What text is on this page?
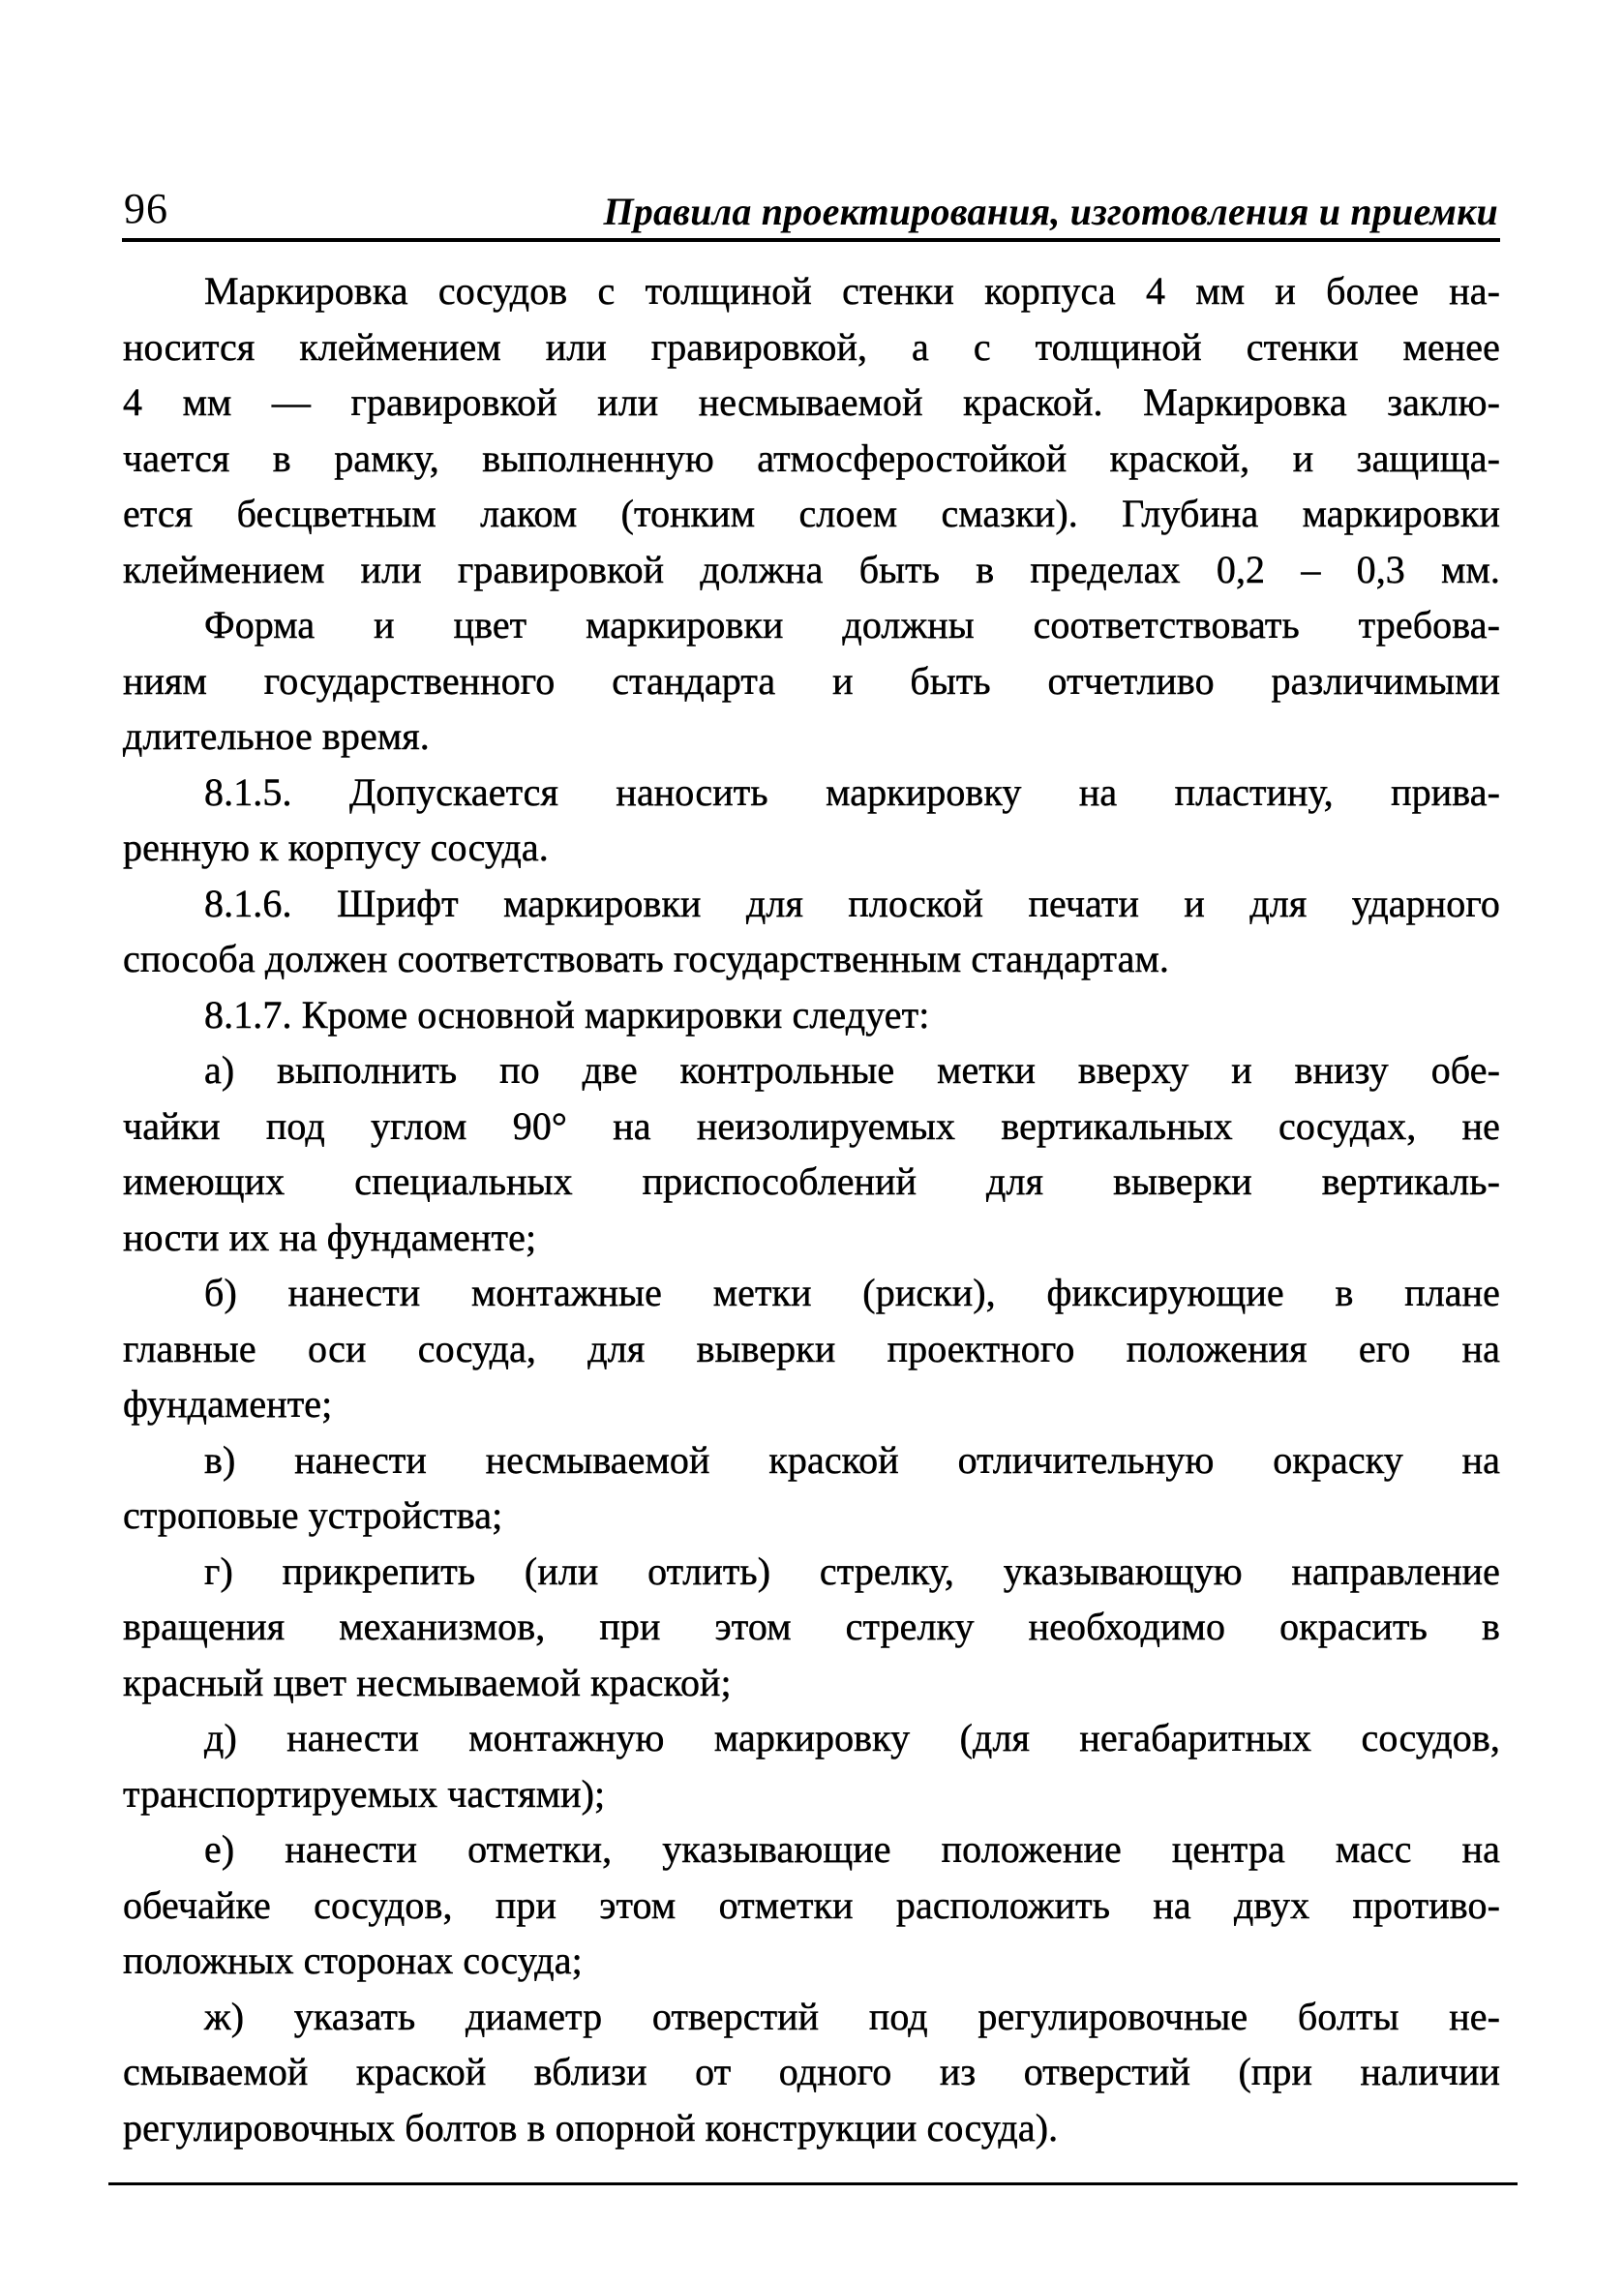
96	Правила проектирования, изготовления и приемки
Маркировка сосудов с толщиной стенки корпуса 4 мм и более на-
носится клеймением или гравировкой, а с толщиной стенки менее
4 мм — гравировкой или несмываемой краской. Маркировка заклю-
чается в рамку, выполненную атмосферостойкой краской, и защища-
ется бесцветным лаком (тонким слоем смазки). Глубина маркировки
клеймением или гравировкой должна быть в пределах 0,2 – 0,3 мм.
Форма и цвет маркировки должны соответствовать требова-
ниям государственного стандарта и быть отчетливо различимыми
длительное время.
8.1.5. Допускается наносить маркировку на пластину, прива-
ренную к корпусу сосуда.
8.1.6. Шрифт маркировки для плоской печати и для ударного
способа должен соответствовать государственным стандартам.
8.1.7. Кроме основной маркировки следует:
а) выполнить по две контрольные метки вверху и внизу обе-
чайки под углом 90° на неизолируемых вертикальных сосудах, не
имеющих специальных приспособлений для выверки вертикаль-
ности их на фундаменте;
б) нанести монтажные метки (риски), фиксирующие в плане
главные оси сосуда, для выверки проектного положения его на
фундаменте;
в) нанести несмываемой краской отличительную окраску на
строповые устройства;
г) прикрепить (или отлить) стрелку, указывающую направление
вращения механизмов, при этом стрелку необходимо окрасить в
красный цвет несмываемой краской;
д) нанести монтажную маркировку (для негабаритных сосудов,
транспортируемых частями);
е) нанести отметки, указывающие положение центра масс на
обечайке сосудов, при этом отметки расположить на двух противо-
положных сторонах сосуда;
ж) указать диаметр отверстий под регулировочные болты не-
смываемой краской вблизи от одного из отверстий (при наличии
регулировочных болтов в опорной конструкции сосуда).
